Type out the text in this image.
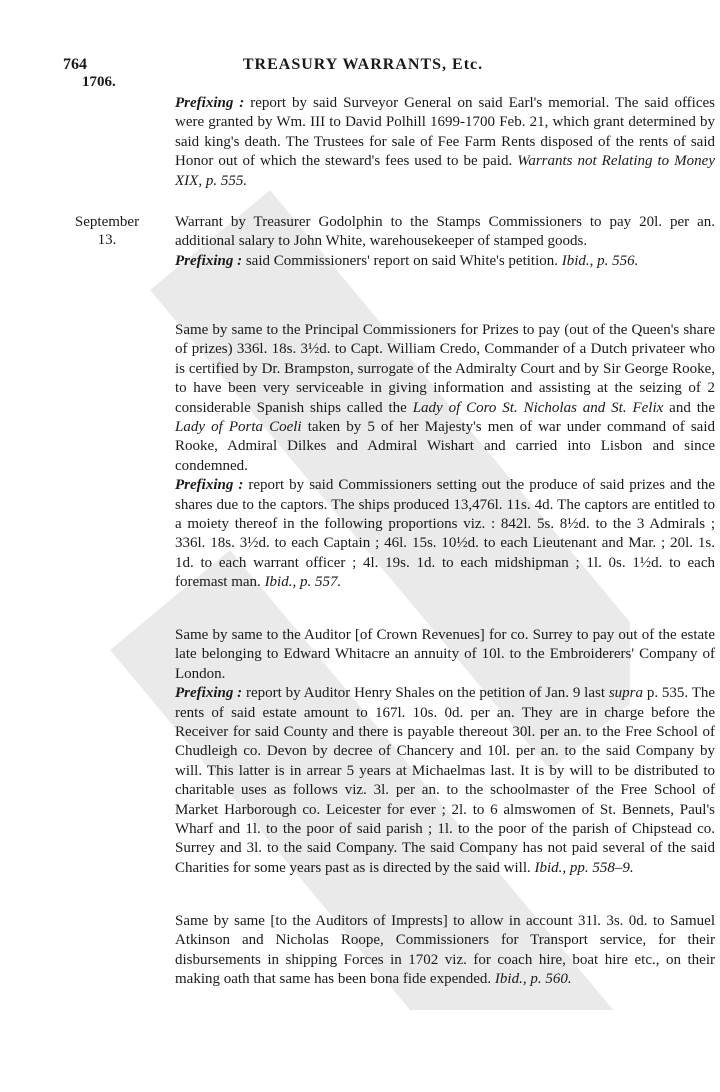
764	TREASURY WARRANTS, Etc.
1706.

Prefixing : report by said Surveyor General on said Earl's memorial. The said offices were granted by Wm. III to David Polhill 1699-1700 Feb. 21, which grant determined by said king's death. The Trustees for sale of Fee Farm Rents disposed of the rents of said Honor out of which the steward's fees used to be paid. Warrants not Relating to Money XIX, p. 555.

September
13.

Warrant by Treasurer Godolphin to the Stamps Commissioners to pay 20l. per an. additional salary to John White, warehousekeeper of stamped goods.

Prefixing : said Commissioners' report on said White's petition. Ibid., p. 556.

Same by same to the Principal Commissioners for Prizes to pay (out of the Queen's share of prizes) 336l. 18s. 3½d. to Capt. William Credo, Commander of a Dutch privateer who is certified by Dr. Brampston, surrogate of the Admiralty Court and by Sir George Rooke, to have been very serviceable in giving information and assisting at the seizing of 2 considerable Spanish ships called the Lady of Coro St. Nicholas and St. Felix and the Lady of Porta Coeli taken by 5 of her Majesty's men of war under command of said Rooke, Admiral Dilkes and Admiral Wishart and carried into Lisbon and since condemned.

Prefixing : report by said Commissioners setting out the produce of said prizes and the shares due to the captors. The ships produced 13,476l. 11s. 4d. The captors are entitled to a moiety thereof in the following proportions viz. : 842l. 5s. 8½d. to the 3 Admirals ; 336l. 18s. 3½d. to each Captain ; 46l. 15s. 10½d. to each Lieutenant and Mar. ; 20l. 1s. 1d. to each warrant officer ; 4l. 19s. 1d. to each midshipman ; 1l. 0s. 1½d. to each foremast man. Ibid., p. 557.

Same by same to the Auditor [of Crown Revenues] for co. Surrey to pay out of the estate late belonging to Edward Whitacre an annuity of 10l. to the Embroiderers' Company of London.

Prefixing : report by Auditor Henry Shales on the petition of Jan. 9 last supra p. 535. The rents of said estate amount to 167l. 10s. 0d. per an. They are in charge before the Receiver for said County and there is payable thereout 30l. per an. to the Free School of Chudleigh co. Devon by decree of Chancery and 10l. per an. to the said Company by will. This latter is in arrear 5 years at Michaelmas last. It is by will to be distributed to charitable uses as follows viz. 3l. per an. to the schoolmaster of the Free School of Market Harborough co. Leicester for ever ; 2l. to 6 almswomen of St. Bennets, Paul's Wharf and 1l. to the poor of said parish ; 1l. to the poor of the parish of Chipstead co. Surrey and 3l. to the said Company. The said Company has not paid several of the said Charities for some years past as is directed by the said will. Ibid., pp. 558–9.

Same by same [to the Auditors of Imprests] to allow in account 31l. 3s. 0d. to Samuel Atkinson and Nicholas Roope, Commissioners for Transport service, for their disbursements in shipping Forces in 1702 viz. for coach hire, boat hire etc., on their making oath that same has been bona fide expended. Ibid., p. 560.
